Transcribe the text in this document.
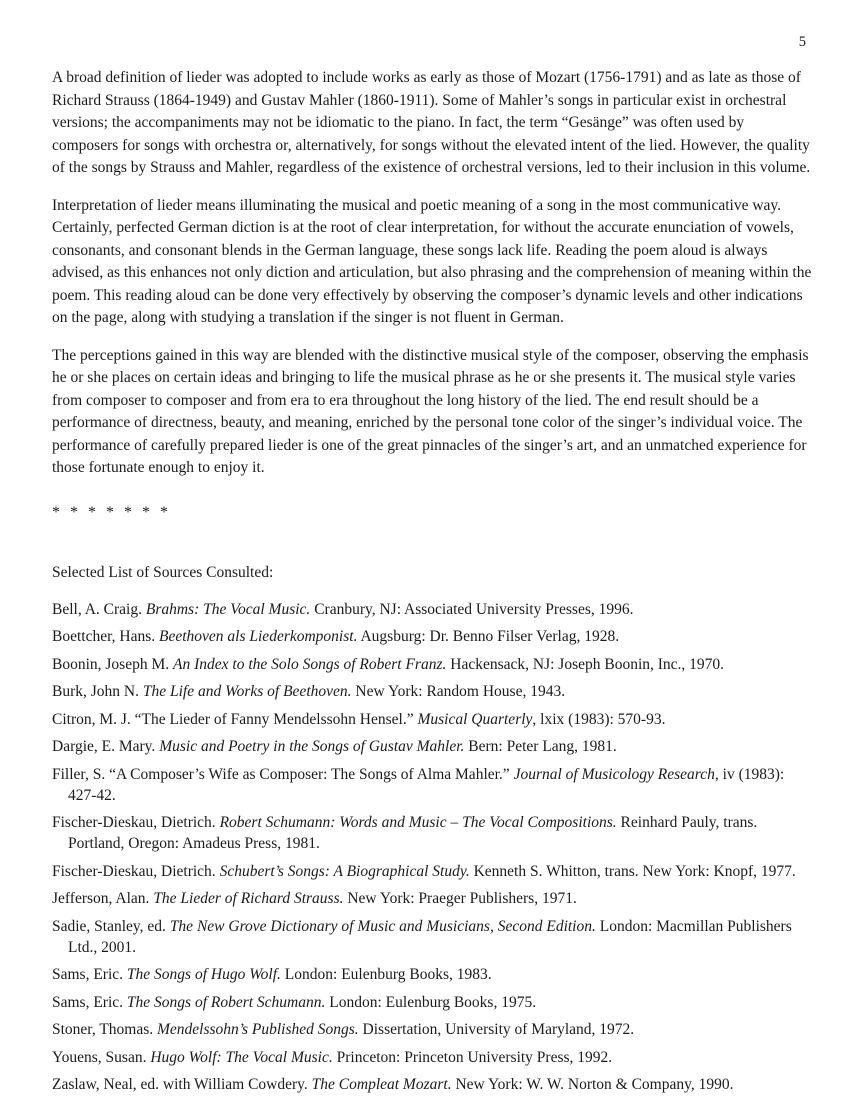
5

A broad definition of lieder was adopted to include works as early as those of Mozart (1756-1791) and as late as those of Richard Strauss (1864-1949) and Gustav Mahler (1860-1911). Some of Mahler’s songs in particular exist in orchestral versions; the accompaniments may not be idiomatic to the piano. In fact, the term “Gesänge” was often used by composers for songs with orchestra or, alternatively, for songs without the elevated intent of the lied. However, the quality of the songs by Strauss and Mahler, regardless of the existence of orchestral versions, led to their inclusion in this volume.

Interpretation of lieder means illuminating the musical and poetic meaning of a song in the most communicative way. Certainly, perfected German diction is at the root of clear interpretation, for without the accurate enunciation of vowels, consonants, and consonant blends in the German language, these songs lack life. Reading the poem aloud is always advised, as this enhances not only diction and articulation, but also phrasing and the comprehension of meaning within the poem. This reading aloud can be done very effectively by observing the composer’s dynamic levels and other indications on the page, along with studying a translation if the singer is not fluent in German.

The perceptions gained in this way are blended with the distinctive musical style of the composer, observing the emphasis he or she places on certain ideas and bringing to life the musical phrase as he or she presents it. The musical style varies from composer to composer and from era to era throughout the long history of the lied. The end result should be a performance of directness, beauty, and meaning, enriched by the personal tone color of the singer’s individual voice. The performance of carefully prepared lieder is one of the great pinnacles of the singer’s art, and an unmatched experience for those fortunate enough to enjoy it.

* * * * * * *
Selected List of Sources Consulted:
Bell, A. Craig. Brahms: The Vocal Music. Cranbury, NJ: Associated University Presses, 1996.
Boettcher, Hans. Beethoven als Liederkomponist. Augsburg: Dr. Benno Filser Verlag, 1928.
Boonin, Joseph M. An Index to the Solo Songs of Robert Franz. Hackensack, NJ: Joseph Boonin, Inc., 1970.
Burk, John N. The Life and Works of Beethoven. New York: Random House, 1943.
Citron, M. J. “The Lieder of Fanny Mendelssohn Hensel.” Musical Quarterly, lxix (1983): 570-93.
Dargie, E. Mary. Music and Poetry in the Songs of Gustav Mahler. Bern: Peter Lang, 1981.
Filler, S. “A Composer’s Wife as Composer: The Songs of Alma Mahler.” Journal of Musicology Research, iv (1983): 427-42.
Fischer-Dieskau, Dietrich. Robert Schumann: Words and Music – The Vocal Compositions. Reinhard Pauly, trans. Portland, Oregon: Amadeus Press, 1981.
Fischer-Dieskau, Dietrich. Schubert’s Songs: A Biographical Study. Kenneth S. Whitton, trans. New York: Knopf, 1977.
Jefferson, Alan. The Lieder of Richard Strauss. New York: Praeger Publishers, 1971.
Sadie, Stanley, ed. The New Grove Dictionary of Music and Musicians, Second Edition. London: Macmillan Publishers Ltd., 2001.
Sams, Eric. The Songs of Hugo Wolf. London: Eulenburg Books, 1983.
Sams, Eric. The Songs of Robert Schumann. London: Eulenburg Books, 1975.
Stoner, Thomas. Mendelssohn’s Published Songs. Dissertation, University of Maryland, 1972.
Youens, Susan. Hugo Wolf: The Vocal Music. Princeton: Princeton University Press, 1992.
Zaslaw, Neal, ed. with William Cowdery. The Compleat Mozart. New York: W. W. Norton & Company, 1990.
